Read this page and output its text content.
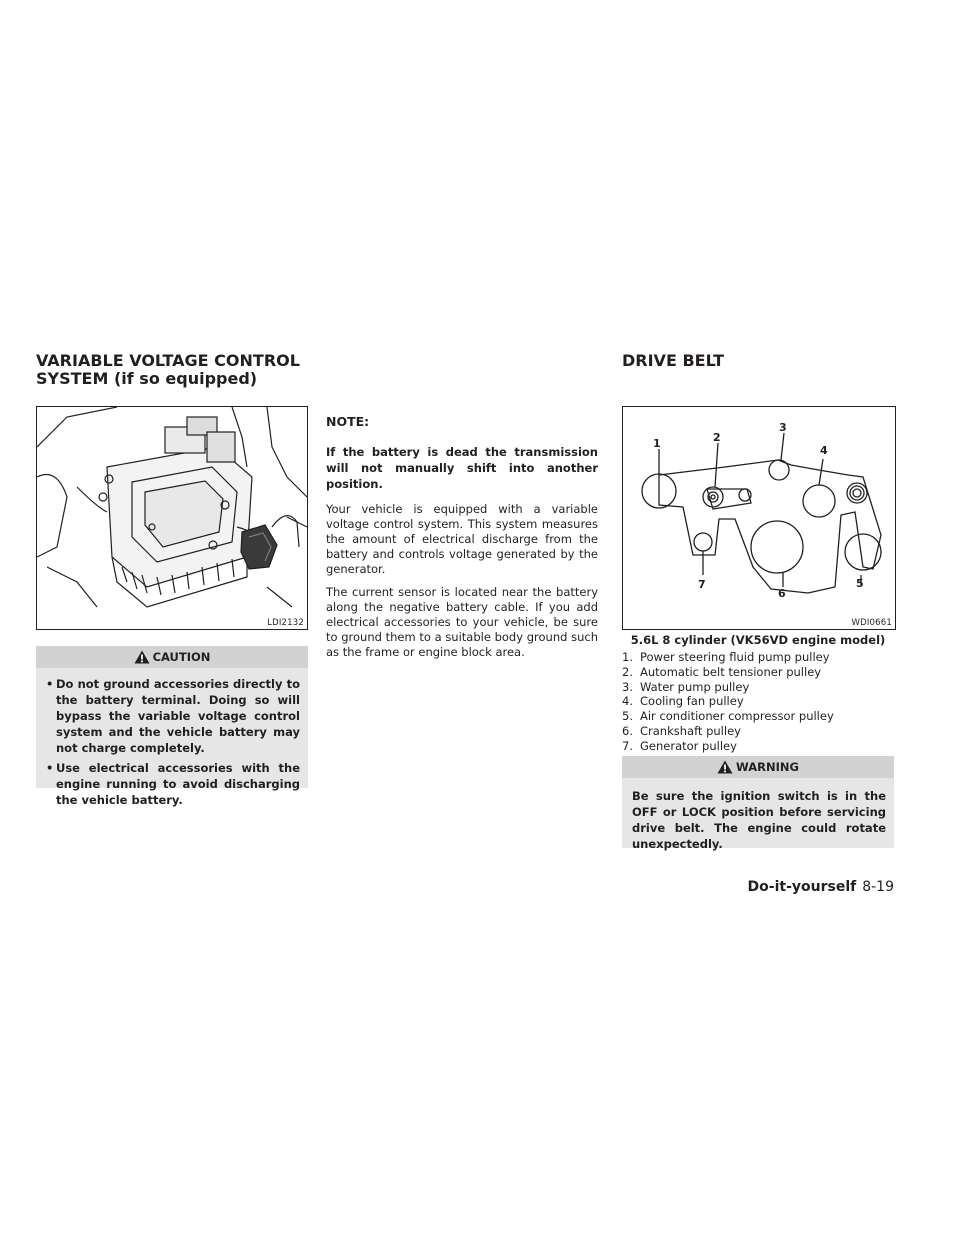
VARIABLE VOLTAGE CONTROL
SYSTEM (if so equipped)
LDI2132
CAUTION
• Do not ground accessories directly to the battery terminal. Doing so will bypass the variable voltage control system and the vehicle battery may not charge completely.
• Use electrical accessories with the engine running to avoid discharging the vehicle battery.
NOTE:
If the battery is dead the transmission will not manually shift into another position.
Your vehicle is equipped with a variable voltage control system. This system measures the amount of electrical discharge from the battery and controls voltage generated by the generator.
The current sensor is located near the battery along the negative battery cable. If you add electrical accessories to your vehicle, be sure to ground them to a suitable body ground such as the frame or engine block area.
DRIVE BELT
1	2
3
4
5
6
7
WDI0661
5.6L 8 cylinder (VK56VD engine model)
1. Power steering fluid pump pulley
2. Automatic belt tensioner pulley
3. Water pump pulley
4. Cooling fan pulley
5. Air conditioner compressor pulley
6. Crankshaft pulley
7. Generator pulley
WARNING
Be sure the ignition switch is in the OFF or LOCK position before servicing drive belt. The engine could rotate unexpectedly.
Do-it-yourself 8-19
